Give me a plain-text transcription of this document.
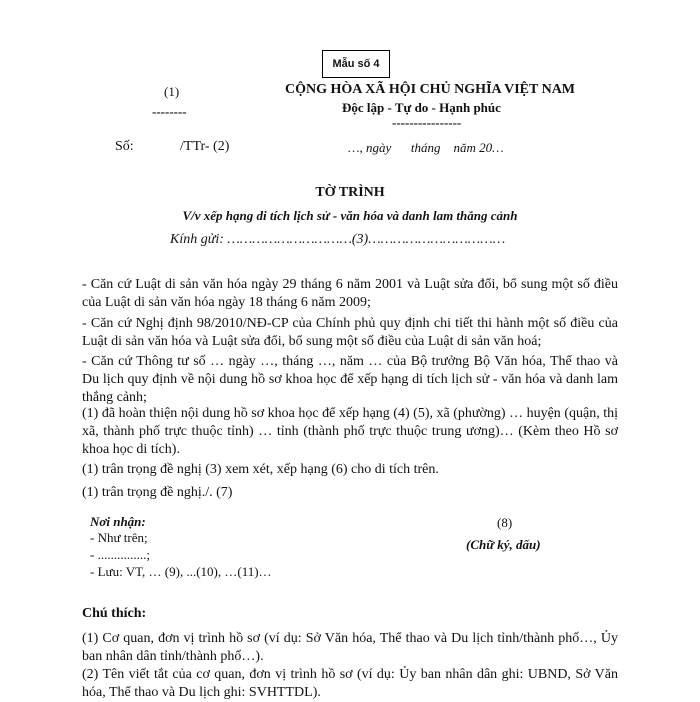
Mẫu số 4
(1)
--------
CỘNG HÒA XÃ HỘI CHỦ NGHĨA VIỆT NAM
Độc lập - Tự do - Hạnh phúc
----------------
Số:	/TTr- (2)	…, ngày      tháng    năm 20…
TỜ TRÌNH
V/v xếp hạng di tích lịch sử - văn hóa và danh lam thắng cảnh
Kính gửi: …………………………(3)……………………………
- Căn cứ Luật di sản văn hóa ngày 29 tháng 6 năm 2001 và Luật sửa đổi, bổ sung một số điều của Luật di sản văn hóa ngày 18 tháng 6 năm 2009;
- Căn cứ Nghị định 98/2010/NĐ-CP của Chính phủ quy định chi tiết thi hành một số điều của Luật di sản văn hóa và Luật sửa đổi, bổ sung một số điều của Luật di sản văn hoá;
- Căn cứ Thông tư số … ngày …, tháng …, năm … của Bộ trưởng Bộ Văn hóa, Thể thao và Du lịch quy định về nội dung hồ sơ khoa học để xếp hạng di tích lịch sử - văn hóa và danh lam thắng cảnh;
(1) đã hoàn thiện nội dung hồ sơ khoa học để xếp hạng (4) (5), xã (phường) … huyện (quận, thị xã, thành phố trực thuộc tỉnh) … tỉnh (thành phố trực thuộc trung ương)… (Kèm theo Hồ sơ khoa học di tích).
(1) trân trọng đề nghị (3) xem xét, xếp hạng (6) cho di tích trên.
(1) trân trọng đề nghị./. (7)
Nơi nhận:
- Như trên;
- ...............;
- Lưu: VT, … (9), ...(10), …(11)…
(8)
(Chữ ký, dấu)
Chú thích:
(1) Cơ quan, đơn vị trình hồ sơ (ví dụ: Sở Văn hóa, Thể thao và Du lịch tỉnh/thành phố…, Ủy ban nhân dân tỉnh/thành phố…).
(2) Tên viết tắt của cơ quan, đơn vị trình hồ sơ (ví dụ: Ủy ban nhân dân ghi: UBND, Sở Văn hóa, Thể thao và Du lịch ghi: SVHTTDL).
